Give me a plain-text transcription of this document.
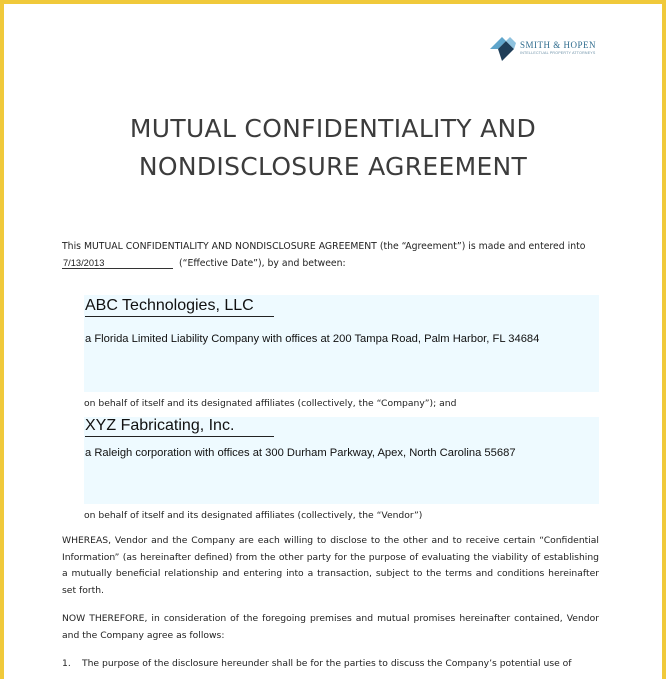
SMITH & HOPEN
INTELLECTUAL PROPERTY ATTORNEYS
MUTUAL CONFIDENTIALITY AND
NONDISCLOSURE AGREEMENT
This MUTUAL CONFIDENTIALITY AND NONDISCLOSURE AGREEMENT (the “Agreement”) is made and entered into
7/13/2013	(“Effective Date”), by and between:
ABC Technologies, LLC
a Florida Limited Liability Company with offices at 200 Tampa Road, Palm Harbor, FL 34684
on behalf of itself and its designated affiliates (collectively, the “Company”); and
XYZ Fabricating, Inc.
a Raleigh corporation with offices at 300 Durham Parkway, Apex, North Carolina 55687
on behalf of itself and its designated affiliates (collectively, the “Vendor”)

WHEREAS, Vendor and the Company are each willing to disclose to the other and to receive certain “Confidential Information” (as hereinafter defined) from the other party for the purpose of evaluating the viability of establishing a mutually beneficial relationship and entering into a transaction, subject to the terms and conditions hereinafter set forth.

NOW THEREFORE, in consideration of the foregoing premises and mutual promises hereinafter contained, Vendor and the Company agree as follows:

1. The purpose of the disclosure hereunder shall be for the parties to discuss the Company’s potential use of
